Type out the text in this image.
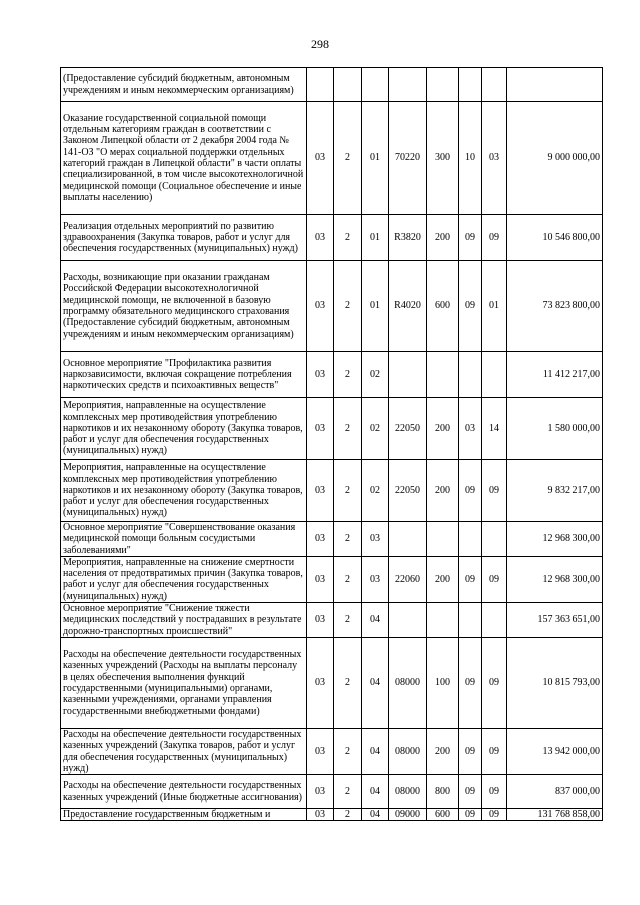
298
(Предоставление субсидий бюджетным, автономным учреждениям и иным некоммерческим организациям)								
Оказание государственной социальной помощи отдельным категориям граждан в соответствии с Законом Липецкой области от 2 декабря 2004 года № 141-ОЗ "О мерах социальной поддержки отдельных категорий граждан в Липецкой области" в части оплаты специализированной, в том числе высокотехнологичной медицинской помощи (Социальное обеспечение и иные выплаты населению)	03	2	01	70220	300	10	03	9 000 000,00
Реализация отдельных мероприятий по развитию здравоохранения (Закупка товаров, работ и услуг для обеспечения государственных (муниципальных) нужд)	03	2	01	R3820	200	09	09	10 546 800,00
Расходы, возникающие при оказании гражданам Российской Федерации высокотехнологичной медицинской помощи, не включенной в базовую программу обязательного медицинского страхования (Предоставление субсидий бюджетным, автономным учреждениям и иным некоммерческим организациям)	03	2	01	R4020	600	09	01	73 823 800,00
Основное мероприятие "Профилактика развития наркозависимости, включая сокращение потребления наркотических средств и психоактивных веществ"	03	2	02					11 412 217,00
Мероприятия, направленные на осуществление комплексных мер противодействия употреблению наркотиков и их незаконному обороту (Закупка товаров, работ и услуг для обеспечения государственных (муниципальных) нужд)	03	2	02	22050	200	03	14	1 580 000,00
Мероприятия, направленные на осуществление комплексных мер противодействия употреблению наркотиков и их незаконному обороту (Закупка товаров, работ и услуг для обеспечения государственных (муниципальных) нужд)	03	2	02	22050	200	09	09	9 832 217,00
Основное мероприятие "Совершенствование оказания медицинской помощи больным сосудистыми заболеваниями"	03	2	03					12 968 300,00
Мероприятия, направленные на снижение смертности населения от предотвратимых причин (Закупка товаров, работ и услуг для обеспечения государственных (муниципальных) нужд)	03	2	03	22060	200	09	09	12 968 300,00
Основное мероприятие "Снижение тяжести медицинских последствий у пострадавших в результате дорожно-транспортных происшествий"	03	2	04					157 363 651,00
Расходы на обеспечение деятельности государственных казенных учреждений (Расходы на выплаты персоналу в целях обеспечения выполнения функций государственными (муниципальными) органами, казенными учреждениями, органами управления государственными внебюджетными фондами)	03	2	04	08000	100	09	09	10 815 793,00
Расходы на обеспечение деятельности государственных казенных учреждений (Закупка товаров, работ и услуг для обеспечения государственных (муниципальных) нужд)	03	2	04	08000	200	09	09	13 942 000,00
Расходы на обеспечение деятельности государственных казенных учреждений (Иные бюджетные ассигнования)	03	2	04	08000	800	09	09	837 000,00
Предоставление государственным бюджетным и	03	2	04	09000	600	09	09	131 768 858,00
